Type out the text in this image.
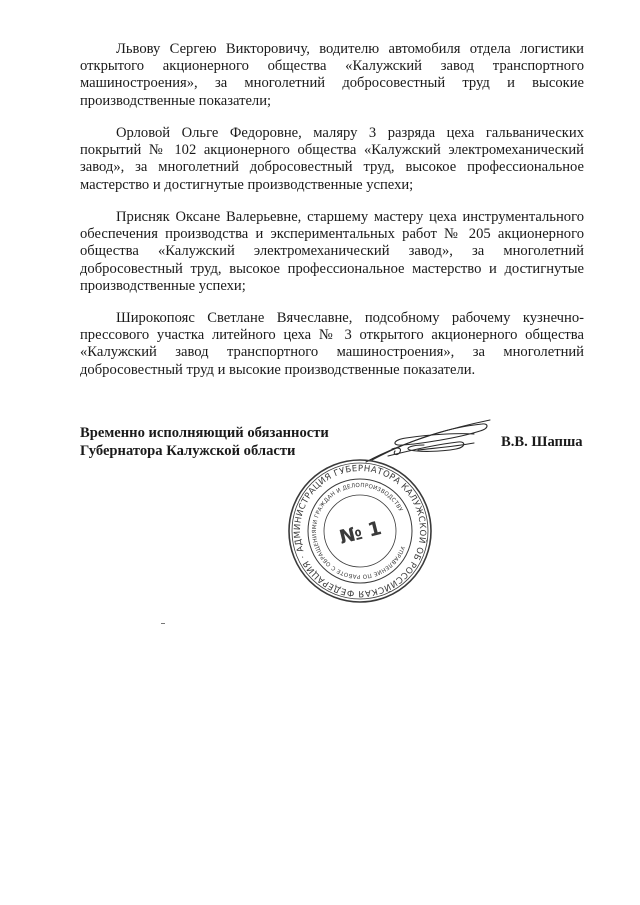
Львову Сергею Викторовичу, водителю автомобиля отдела логистики открытого акционерного общества «Калужский завод транспортного машиностроения», за многолетний добросовестный труд и высокие производственные показатели;

Орловой Ольге Федоровне, маляру 3 разряда цеха гальванических покрытий № 102 акционерного общества «Калужский электромеханический завод», за многолетний добросовестный труд, высокое профессиональное мастерство и достигнутые производственные успехи;

Присняк Оксане Валерьевне, старшему мастеру цеха инструментального обеспечения производства и экспериментальных работ № 205 акционерного общества «Калужский электромеханический завод», за многолетний добросовестный труд, высокое профессиональное мастерство и достигнутые производственные успехи;

Широкопояс Светлане Вячеславне, подсобному рабочему кузнечно-прессового участка литейного цеха № 3 открытого акционерного общества «Калужский завод транспортного машиностроения», за многолетний добросовестный труд и высокие производственные показатели.

Временно исполняющий обязанности
Губернатора Калужской области
В.В. Шапша
РОССИЙСКАЯ ФЕДЕРАЦИЯ · АДМИНИСТРАЦИЯ ГУБЕРНАТОРА КАЛУЖСКОЙ ОБЛАСТИ
УПРАВЛЕНИЕ ПО РАБОТЕ С ОБРАЩЕНИЯМИ ГРАЖДАН И ДЕЛОПРОИЗВОДСТВУ
№ 1
